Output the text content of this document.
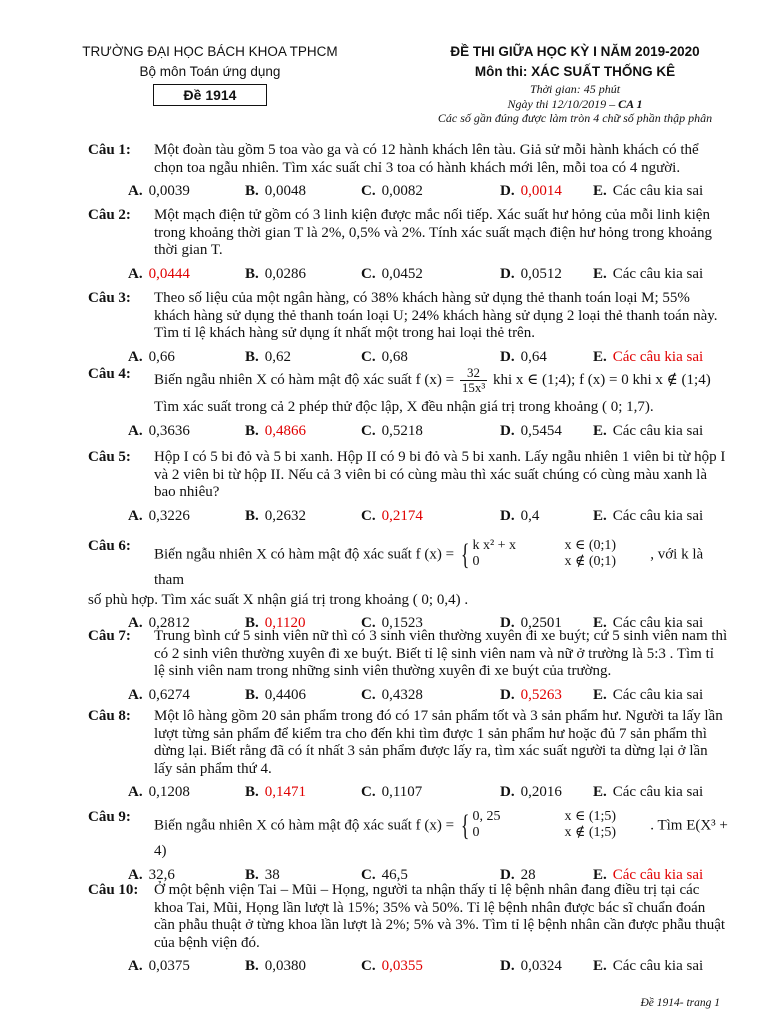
TRƯỜNG ĐẠI HỌC BÁCH KHOA TPHCM
Bộ môn Toán ứng dụng
Đề 1914
ĐỀ THI GIỮA HỌC KỲ I NĂM 2019-2020
Môn thi: XÁC SUẤT THỐNG KÊ
Thời gian: 45 phút
Ngày thi 12/10/2019 – CA 1
Các số gần đúng được làm tròn 4 chữ số phần thập phân
Câu 1:	Một đoàn tàu gồm 5 toa vào ga và có 12 hành khách lên tàu. Giả sử mỗi hành khách có thể chọn toa ngẫu nhiên. Tìm xác suất chỉ 3 toa có hành khách mới lên, mỗi toa có 4 người.
A. 0,0039	B. 0,0048	C. 0,0082	D. 0,0014 E. Các câu kia sai
Câu 2:	Một mạch điện tử gồm có 3 linh kiện được mắc nối tiếp. Xác suất hư hỏng của mỗi linh kiện trong khoảng thời gian T là 2%, 0,5% và 2%. Tính xác suất mạch điện hư hỏng trong khoảng thời gian T.
A. 0,0444	B. 0,0286	C. 0,0452	D. 0,0512 E. Các câu kia sai
Câu 3:	Theo số liệu của một ngân hàng, có 38% khách hàng sử dụng thẻ thanh toán loại M; 55% khách hàng sử dụng thẻ thanh toán loại U; 24% khách hàng sử dụng 2 loại thẻ thanh toán này. Tìm tỉ lệ khách hàng sử dụng ít nhất một trong hai loại thẻ trên.
A. 0,66	B. 0,62	C. 0,68	D. 0,64	E. Các câu kia sai
Câu 4:	Biến ngẫu nhiên X có hàm mật độ xác suất f $(x) = \frac{32}{\text{15x³}}$ khi x ∈ (1;4); f (x) = 0 khi x ∉ (1;4)
Tìm xác suất trong cả 2 phép thử độc lập, X đều nhận giá trị trong khoảng ( 0; 1,7).
A. 0,3636	B. 0,4866	C. 0,5218	D. 0,5454 E. Các câu kia sai
Câu 5:	Hộp I có 5 bi đỏ và 5 bi xanh. Hộp II có 9 bi đỏ và 5 bi xanh. Lấy ngẫu nhiên 1 viên bi từ hộp I và 2 viên bi từ hộp II. Nếu cả 3 viên bi có cùng màu thì xác suất chúng có cùng màu xanh là bao nhiêu?
A. 0,3226	B. 0,2632	C. 0,2174	D. 0,4	E. Các câu kia sai
Câu 6:
Biến ngẫu nhiên X có hàm mật độ xác suất f (x) = { k x² + x	x ∈ (0;1)
0	x ∉ (0;1)	, với k là tham
số phù hợp. Tìm xác suất X nhận giá trị trong khoảng ( 0; 0,4) .
A. 0,2812	B. 0,1120	C. 0,1523	D. 0,2501 E. Các câu kia sai
Câu 7:	Trung bình cứ 5 sinh viên nữ thì có 3 sinh viên thường xuyên đi xe buýt; cứ 5 sinh viên nam thì có 2 sinh viên thường xuyên đi xe buýt. Biết tỉ lệ sinh viên nam và nữ ở trường là 5:3 . Tìm tỉ lệ sinh viên nam trong những sinh viên thường xuyên đi xe buýt của trường.
A. 0,6274	B. 0,4406	C. 0,4328	D. 0,5263 E. Các câu kia sai
Câu 8:	Một lô hàng gồm 20 sản phẩm trong đó có 17 sản phẩm tốt và 3 sản phẩm hư. Người ta lấy lần lượt từng sản phẩm để kiểm tra cho đến khi tìm được 1 sản phẩm hư hoặc đủ 7 sản phẩm thì dừng lại. Biết rằng đã có ít nhất 3 sản phẩm được lấy ra, tìm xác suất người ta dừng lại ở lần lấy sản phẩm thứ 4.
A. 0,1208	B. 0,1471	C. 0,1107	D. 0,2016 E. Các câu kia sai
Câu 9:
Biến ngẫu nhiên X có hàm mật độ xác suất f (x) = { 0, 25	x ∈ (1;5)
0	x ∉ (1;5)	. Tìm E(X³ + 4)
A. 32,6	B. 38	C. 46,5	D. 28	E. Các câu kia sai
Câu 10:	Ở một bệnh viện Tai – Mũi – Họng, người ta nhận thấy tỉ lệ bệnh nhân đang điều trị tại các khoa Tai, Mũi, Họng lần lượt là 15%; 35% và 50%. Tỉ lệ bệnh nhân được bác sĩ chuẩn đoán cần phẫu thuật ở từng khoa lần lượt là 2%; 5% và 3%. Tìm tỉ lệ bệnh nhân cần được phẫu thuật của bệnh viện đó.
A. 0,0375	B. 0,0380	C. 0,0355	D. 0,0324 E. Các câu kia sai
Đề 1914- trang 1
